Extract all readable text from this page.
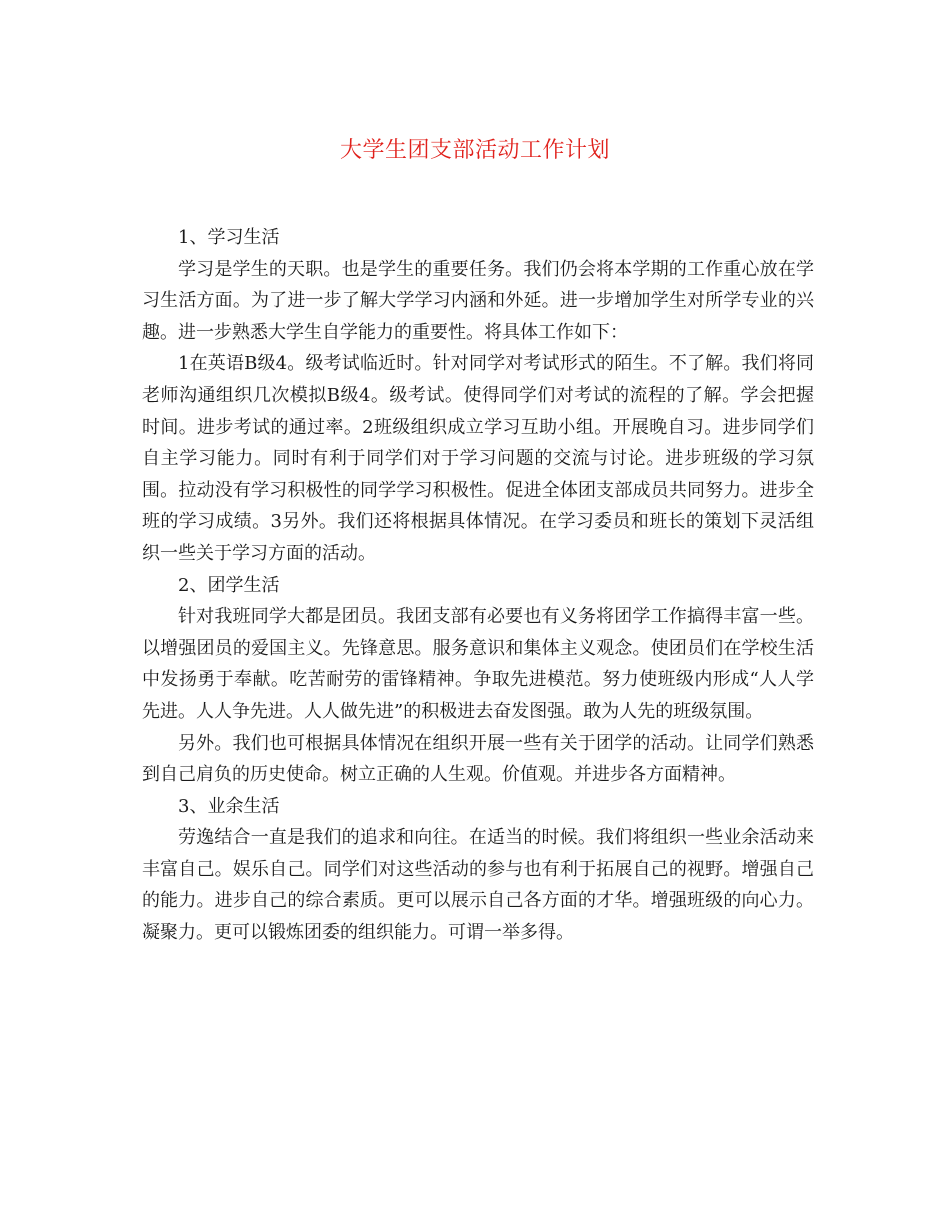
大学生团支部活动工作计划

1、学习生活

学习是学生的天职。也是学生的重要任务。我们仍会将本学期的工作重心放在学习生活方面。为了进一步了解大学学习内涵和外延。进一步增加学生对所学专业的兴趣。进一步熟悉大学生自学能力的重要性。将具体工作如下：

1在英语B级4。级考试临近时。针对同学对考试形式的陌生。不了解。我们将同老师沟通组织几次模拟B级4。级考试。使得同学们对考试的流程的了解。学会把握时间。进步考试的通过率。2班级组织成立学习互助小组。开展晚自习。进步同学们自主学习能力。同时有利于同学们对于学习问题的交流与讨论。进步班级的学习氛围。拉动没有学习积极性的同学学习积极性。促进全体团支部成员共同努力。进步全班的学习成绩。3另外。我们还将根据具体情况。在学习委员和班长的策划下灵活组织一些关于学习方面的活动。

2、团学生活

针对我班同学大都是团员。我团支部有必要也有义务将团学工作搞得丰富一些。以增强团员的爱国主义。先锋意思。服务意识和集体主义观念。使团员们在学校生活中发扬勇于奉献。吃苦耐劳的雷锋精神。争取先进模范。努力使班级内形成“人人学先进。人人争先进。人人做先进”的积极进去奋发图强。敢为人先的班级氛围。

另外。我们也可根据具体情况在组织开展一些有关于团学的活动。让同学们熟悉到自己肩负的历史使命。树立正确的人生观。价值观。并进步各方面精神。

3、业余生活

劳逸结合一直是我们的追求和向往。在适当的时候。我们将组织一些业余活动来丰富自己。娱乐自己。同学们对这些活动的参与也有利于拓展自己的视野。增强自己的能力。进步自己的综合素质。更可以展示自己各方面的才华。增强班级的向心力。凝聚力。更可以锻炼团委的组织能力。可谓一举多得。
